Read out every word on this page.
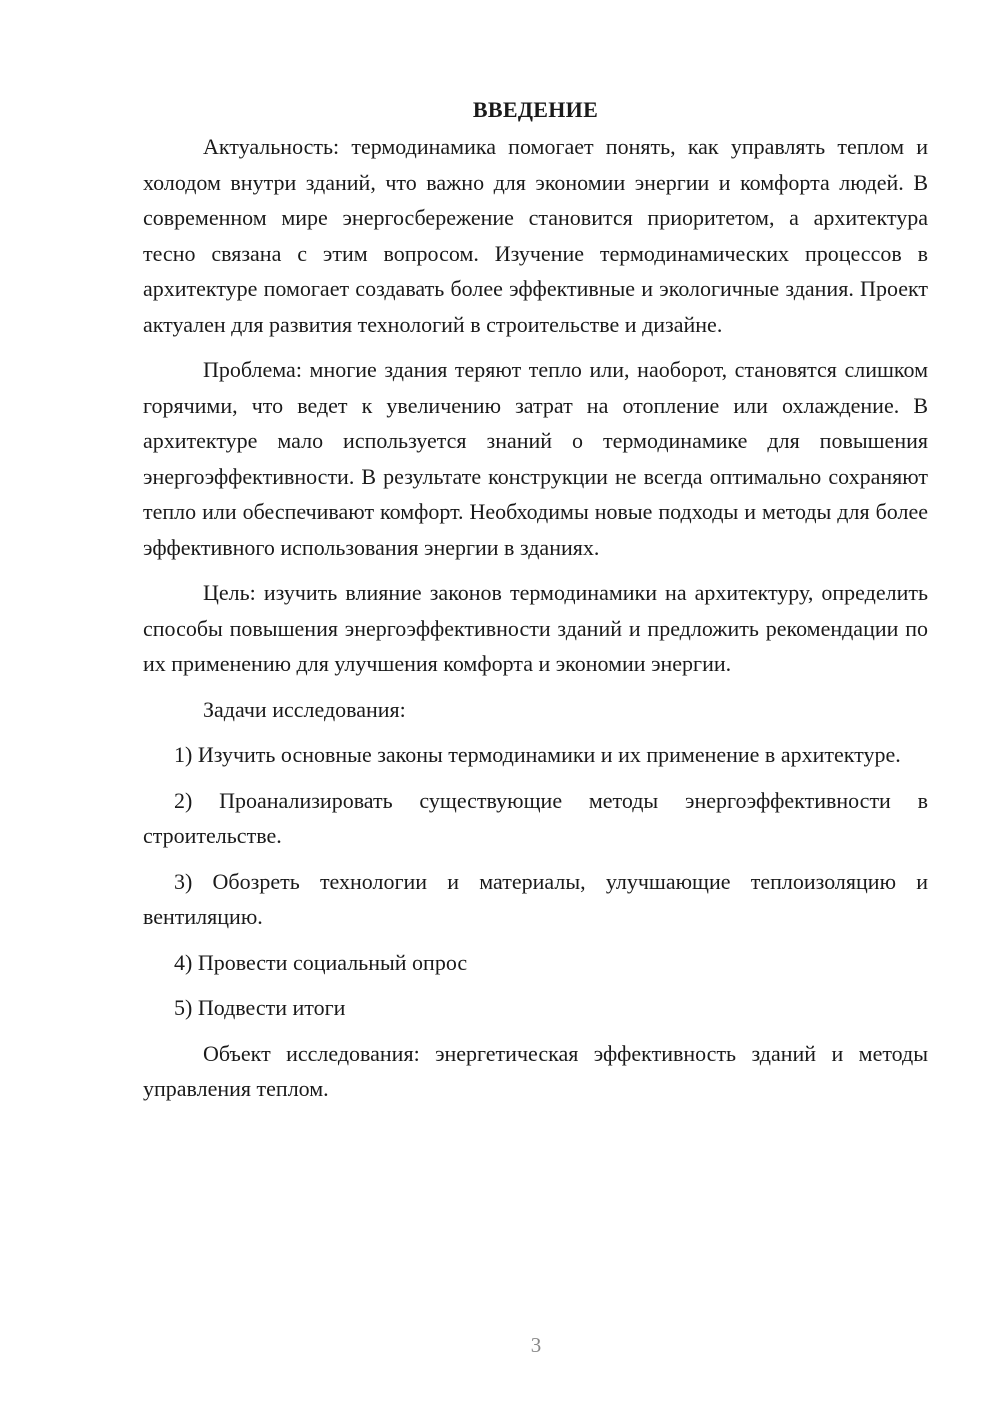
ВВЕДЕНИЕ

Актуальность: термодинамика помогает понять, как управлять теплом и холодом внутри зданий, что важно для экономии энергии и комфорта людей. В современном мире энергосбережение становится приоритетом, а архитектура тесно связана с этим вопросом. Изучение термодинамических процессов в архитектуре помогает создавать более эффективные и экологичные здания. Проект актуален для развития технологий в строительстве и дизайне.

Проблема: многие здания теряют тепло или, наоборот, становятся слишком горячими, что ведет к увеличению затрат на отопление или охлаждение. В архитектуре мало используется знаний о термодинамике для повышения энергоэффективности. В результате конструкции не всегда оптимально сохраняют тепло или обеспечивают комфорт. Необходимы новые подходы и методы для более эффективного использования энергии в зданиях.

Цель: изучить влияние законов термодинамики на архитектуру, определить способы повышения энергоэффективности зданий и предложить рекомендации по их применению для улучшения комфорта и экономии энергии.

Задачи исследования:

1) Изучить основные законы термодинамики и их применение в архитектуре.

2) Проанализировать существующие методы энергоэффективности в строительстве.

3) Обозреть технологии и материалы, улучшающие теплоизоляцию и вентиляцию.

4) Провести социальный опрос

5) Подвести итоги

Объект исследования: энергетическая эффективность зданий и методы управления теплом.

3
